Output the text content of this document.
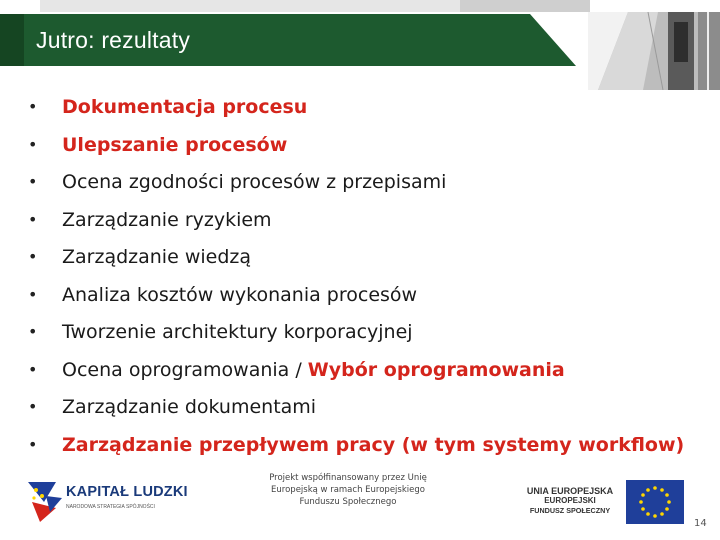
Jutro: rezultaty
•	Dokumentacja procesu
•	Ulepszanie procesów
•	Ocena zgodności procesów z przepisami
•	Zarządzanie ryzykiem
•	Zarządzanie wiedzą
•	Analiza kosztów wykonania procesów
•	Tworzenie architektury korporacyjnej
•	Ocena oprogramowania / Wybór oprogramowania
•	Zarządzanie dokumentami
•	Zarządzanie przepływem pracy (w tym systemy workflow)
KAPITAŁ LUDZKI
NARODOWA STRATEGIA SPÓJNOŚCI
Projekt współfinansowany przez Unię
Europejską w ramach Europejskiego
Funduszu Społecznego
UNIA EUROPEJSKA
EUROPEJSKI
FUNDUSZ SPOŁECZNY
14
